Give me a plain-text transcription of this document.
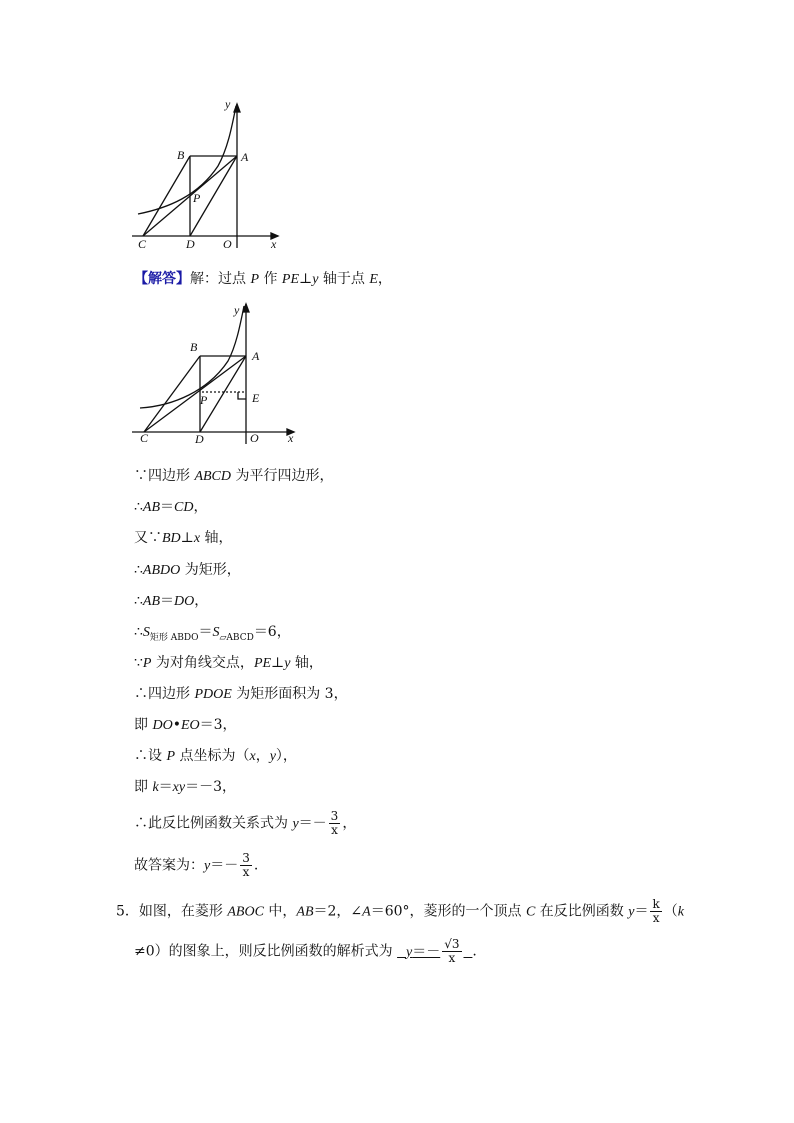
y
B	A
P
C	D O	x
【解答】解：过点 P 作 PE⊥y 轴于点 E，
y
B
A
P	E
C	D	O x
∵四边形 ABCD 为平行四边形，
∴AB＝CD，
又∵BD⊥x 轴，
∴ABDO 为矩形，
∴AB＝DO，
$\therefore S_{矩形 ABDO}=S_{▱ABCD}=6$，
∵P 为对角线交点，PE⊥y 轴，
∴四边形 PDOE 为矩形面积为 3，
即 DO•EO＝3，
∴设 P 点坐标为（x，y），
即 k＝xy＝－3，
∴此反比例函数关系式为 $y=- \frac{3}{x}$ ，
故答案为：$y=- \frac{3}{x}$ .
5．如图，在菱形 ABOC 中，AB＝2，∠A＝60°，菱形的一个顶点 C 在反比例函数 $y= \frac{k}{x} (k$
≠0）的图象上，则反比例函数的解析式为   $y=- \frac{√3}{x}$ .
